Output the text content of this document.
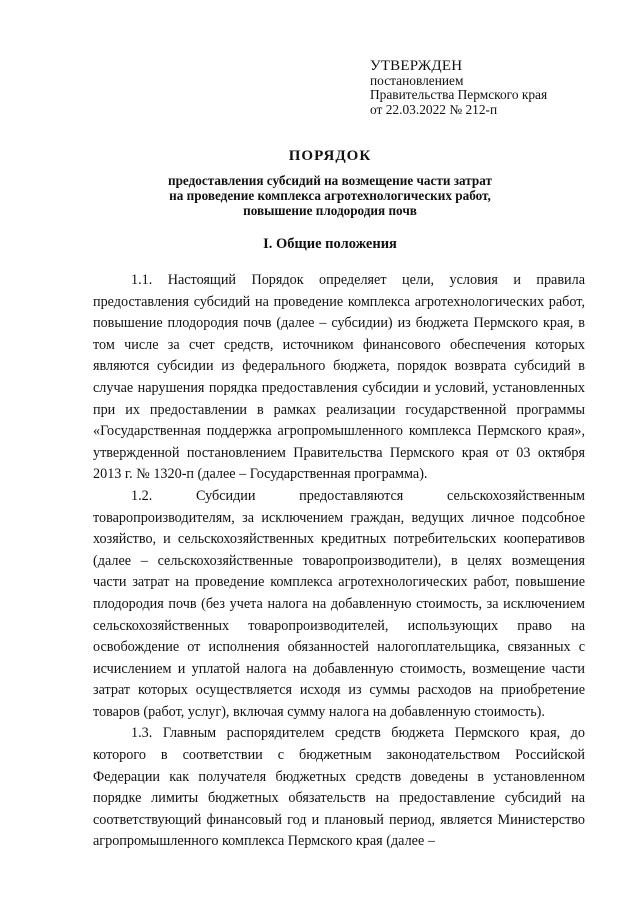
УТВЕРЖДЕН
постановлением
Правительства Пермского края
от 22.03.2022 № 212-п
ПОРЯДОК
предоставления субсидий на возмещение части затрат
на проведение комплекса агротехнологических работ,
повышение плодородия почв
I. Общие положения

1.1. Настоящий Порядок определяет цели, условия и правила предоставления субсидий на проведение комплекса агротехнологических работ, повышение плодородия почв (далее – субсидии) из бюджета Пермского края, в том числе за счет средств, источником финансового обеспечения которых являются субсидии из федерального бюджета, порядок возврата субсидий в случае нарушения порядка предоставления субсидии и условий, установленных при их предоставлении в рамках реализации государственной программы «Государственная поддержка агропромышленного комплекса Пермского края», утвержденной постановлением Правительства Пермского края от 03 октября 2013 г. № 1320-п (далее – Государственная программа).

1.2. Субсидии предоставляются сельскохозяйственным товаропроизводителям, за исключением граждан, ведущих личное подсобное хозяйство, и сельскохозяйственных кредитных потребительских кооперативов (далее – сельскохозяйственные товаропроизводители), в целях возмещения части затрат на проведение комплекса агротехнологических работ, повышение плодородия почв (без учета налога на добавленную стоимость, за исключением сельскохозяйственных товаропроизводителей, использующих право на освобождение от исполнения обязанностей налогоплательщика, связанных с исчислением и уплатой налога на добавленную стоимость, возмещение части затрат которых осуществляется исходя из суммы расходов на приобретение товаров (работ, услуг), включая сумму налога на добавленную стоимость).

1.3. Главным распорядителем средств бюджета Пермского края, до которого в соответствии с бюджетным законодательством Российской Федерации как получателя бюджетных средств доведены в установленном порядке лимиты бюджетных обязательств на предоставление субсидий на соответствующий финансовый год и плановый период, является Министерство агропромышленного комплекса Пермского края (далее –
